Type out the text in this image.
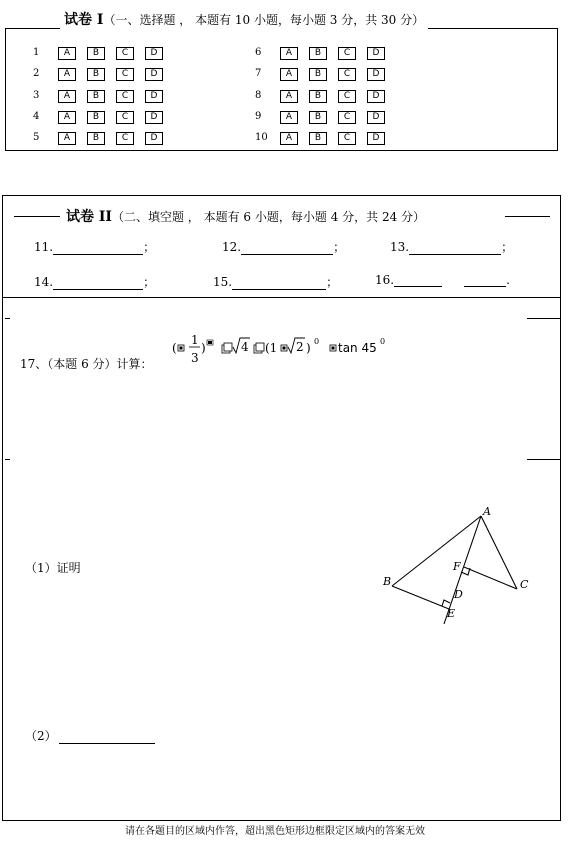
试卷 I（一、选择题 ， 本题有 10 小题，每小题 3 分，共 30 分）
1	A	B	C	D
2	A	B	C	D
3	A	B	C	D
4	A	B	C	D
5	A	B	C	D
6	A	B	C	D
7	A	B	C	D
8	A	B	C	D
9	A	B	C	D
10	A	B	C	D
试卷 II（二、填空题 ， 本题有 6 小题，每小题 4 分，共 24 分）
11.	；	12.	；	13.	；
14.	；	15.	；	16.	.
17、（本题 6 分）计算：
(
1
3
)	4 (1 2 ) 0 tan 45 0
（1）证明
（2）
A
B	C
D
E
F
请在各题目的区域内作答，超出黑色矩形边框限定区域内的答案无效
